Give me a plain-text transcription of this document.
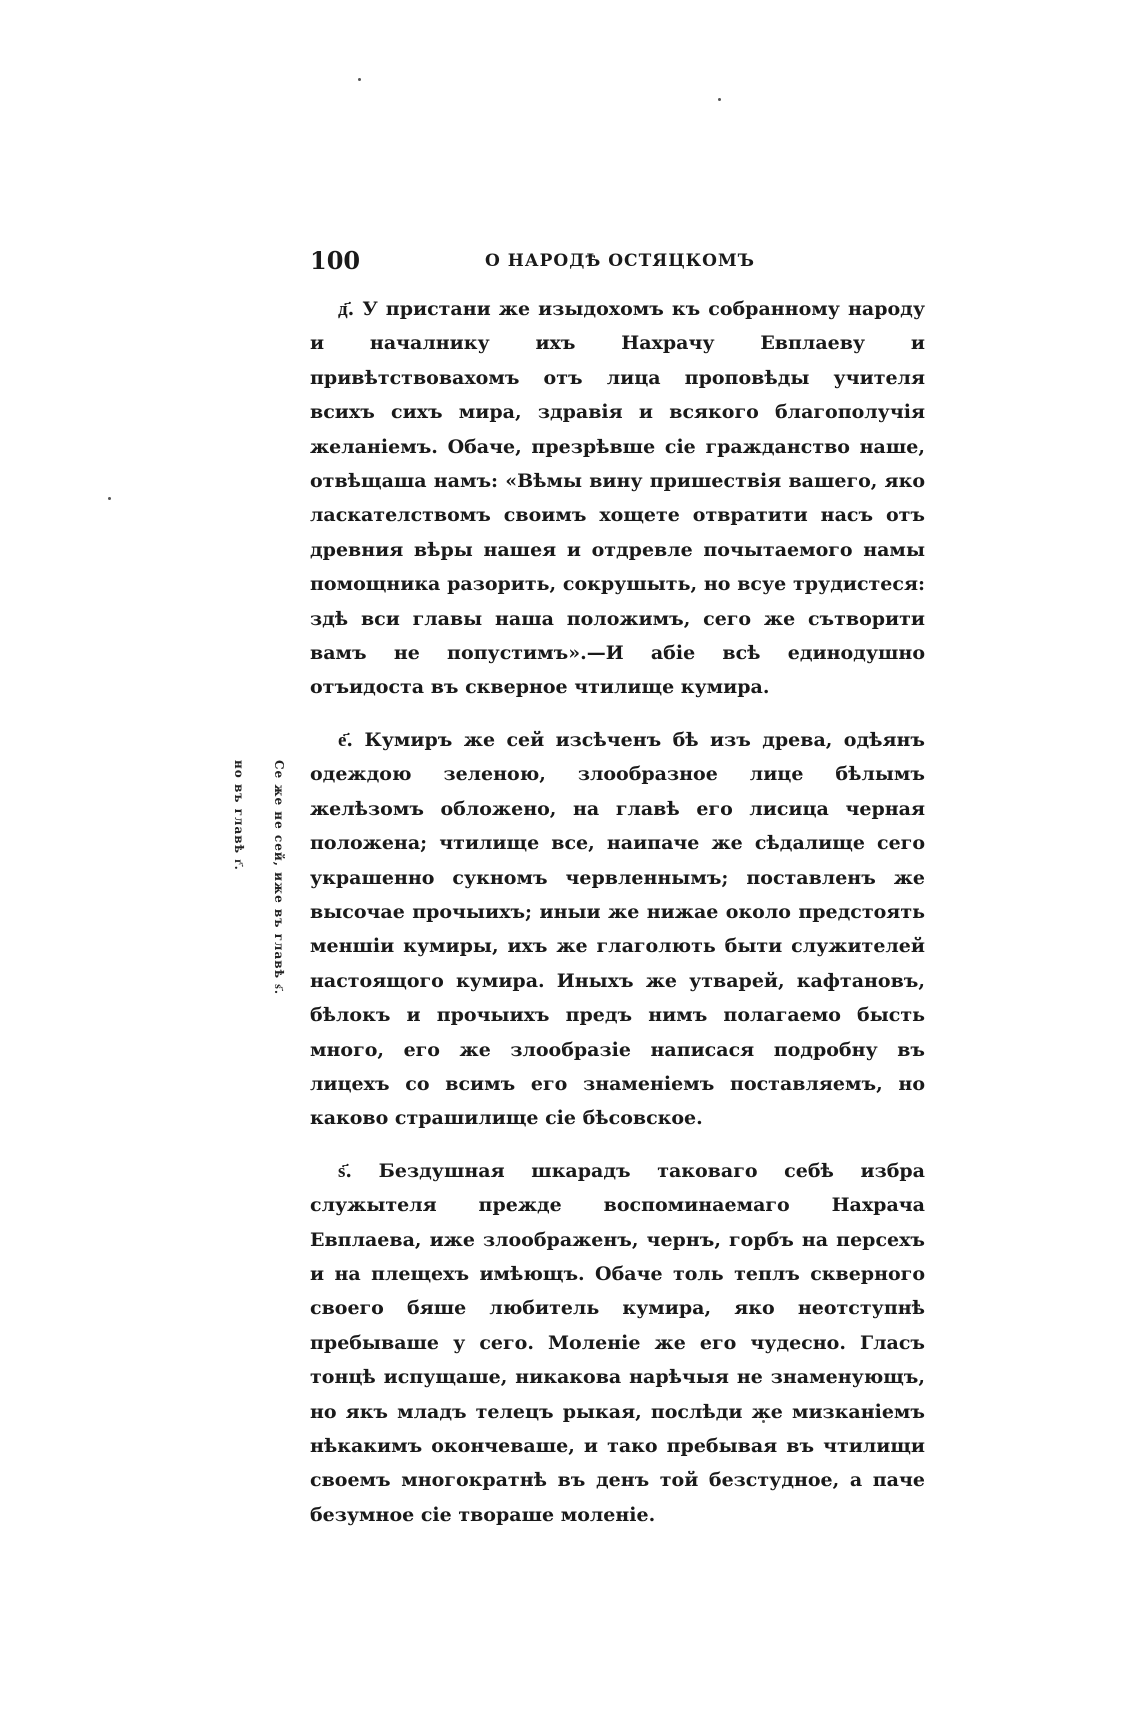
100	О НАРОДѢ ОСТЯЦКОМЪ

д҃. У пристани же изыдохомъ къ собранному народу и началнику ихъ Нахрачу Евплаеву и привѣтствовахомъ отъ лица проповѣды учителя всихъ сихъ мира, здравія и всякого благополучія желаніемъ. Обаче, презрѣвше сіе гражданство наше, отвѣщаша намъ: «Вѣмы вину пришествія вашего, яко ласкателствомъ своимъ хощете отвратити насъ отъ древния вѣры нашея и отдревле почытаемого намы помощника разорить, сокрушыть, но всуе трудистеся: здѣ вси главы наша положимъ, сего же сътворити вамъ не попустимъ».—И абіе всѣ единодушно отъидоста въ скверное чтилище кумира.

е҃. Кумиръ же сей изсѣченъ бѣ изъ древа, одѣянъ одеждою зеленою, злообразное лице бѣлымъ желѣзомъ обложено, на главѣ его лисица черная положена; чтилище все, наипаче же сѣдалище сего украшенно сукномъ червленнымъ; поставленъ же высочае прочыихъ; иныи же нижае около предстоять меншіи кумиры, ихъ же глаголють быти служителей настоящого кумира. Иныхъ же утварей, кафтановъ, бѣлокъ и прочыихъ предъ нимъ полагаемо бысть много, его же злообразіе написася подробну въ лицехъ со всимъ его знаменіемъ поставляемъ, но каково страшилище сіе бѣсовское.

ѕ҃. Бездушная шкарадъ таковаго себѣ избра служытеля прежде воспоминаемаго Нахрача Евплаева, иже злоображенъ, чернъ, горбъ на персехъ и на плещехъ имѣющъ. Обаче толь теплъ скверного своего бяше любитель кумира, яко неотступнѣ пребываше у сего. Моленіе же его чудесно. Гласъ тонцѣ испущаше, никакова нарѣчыя не знаменующъ, но якъ младъ телецъ рыкая, послѣди же мизканіемъ нѣкакимъ окончеваше, и тако пребывая въ чтилищи своемъ многократнѣ въ денъ той безстудное, а паче безумное сіе твораше моленіе.

Се же не сей, иже въ главѣ ѕ҃.
но въ главѣ г҃.
